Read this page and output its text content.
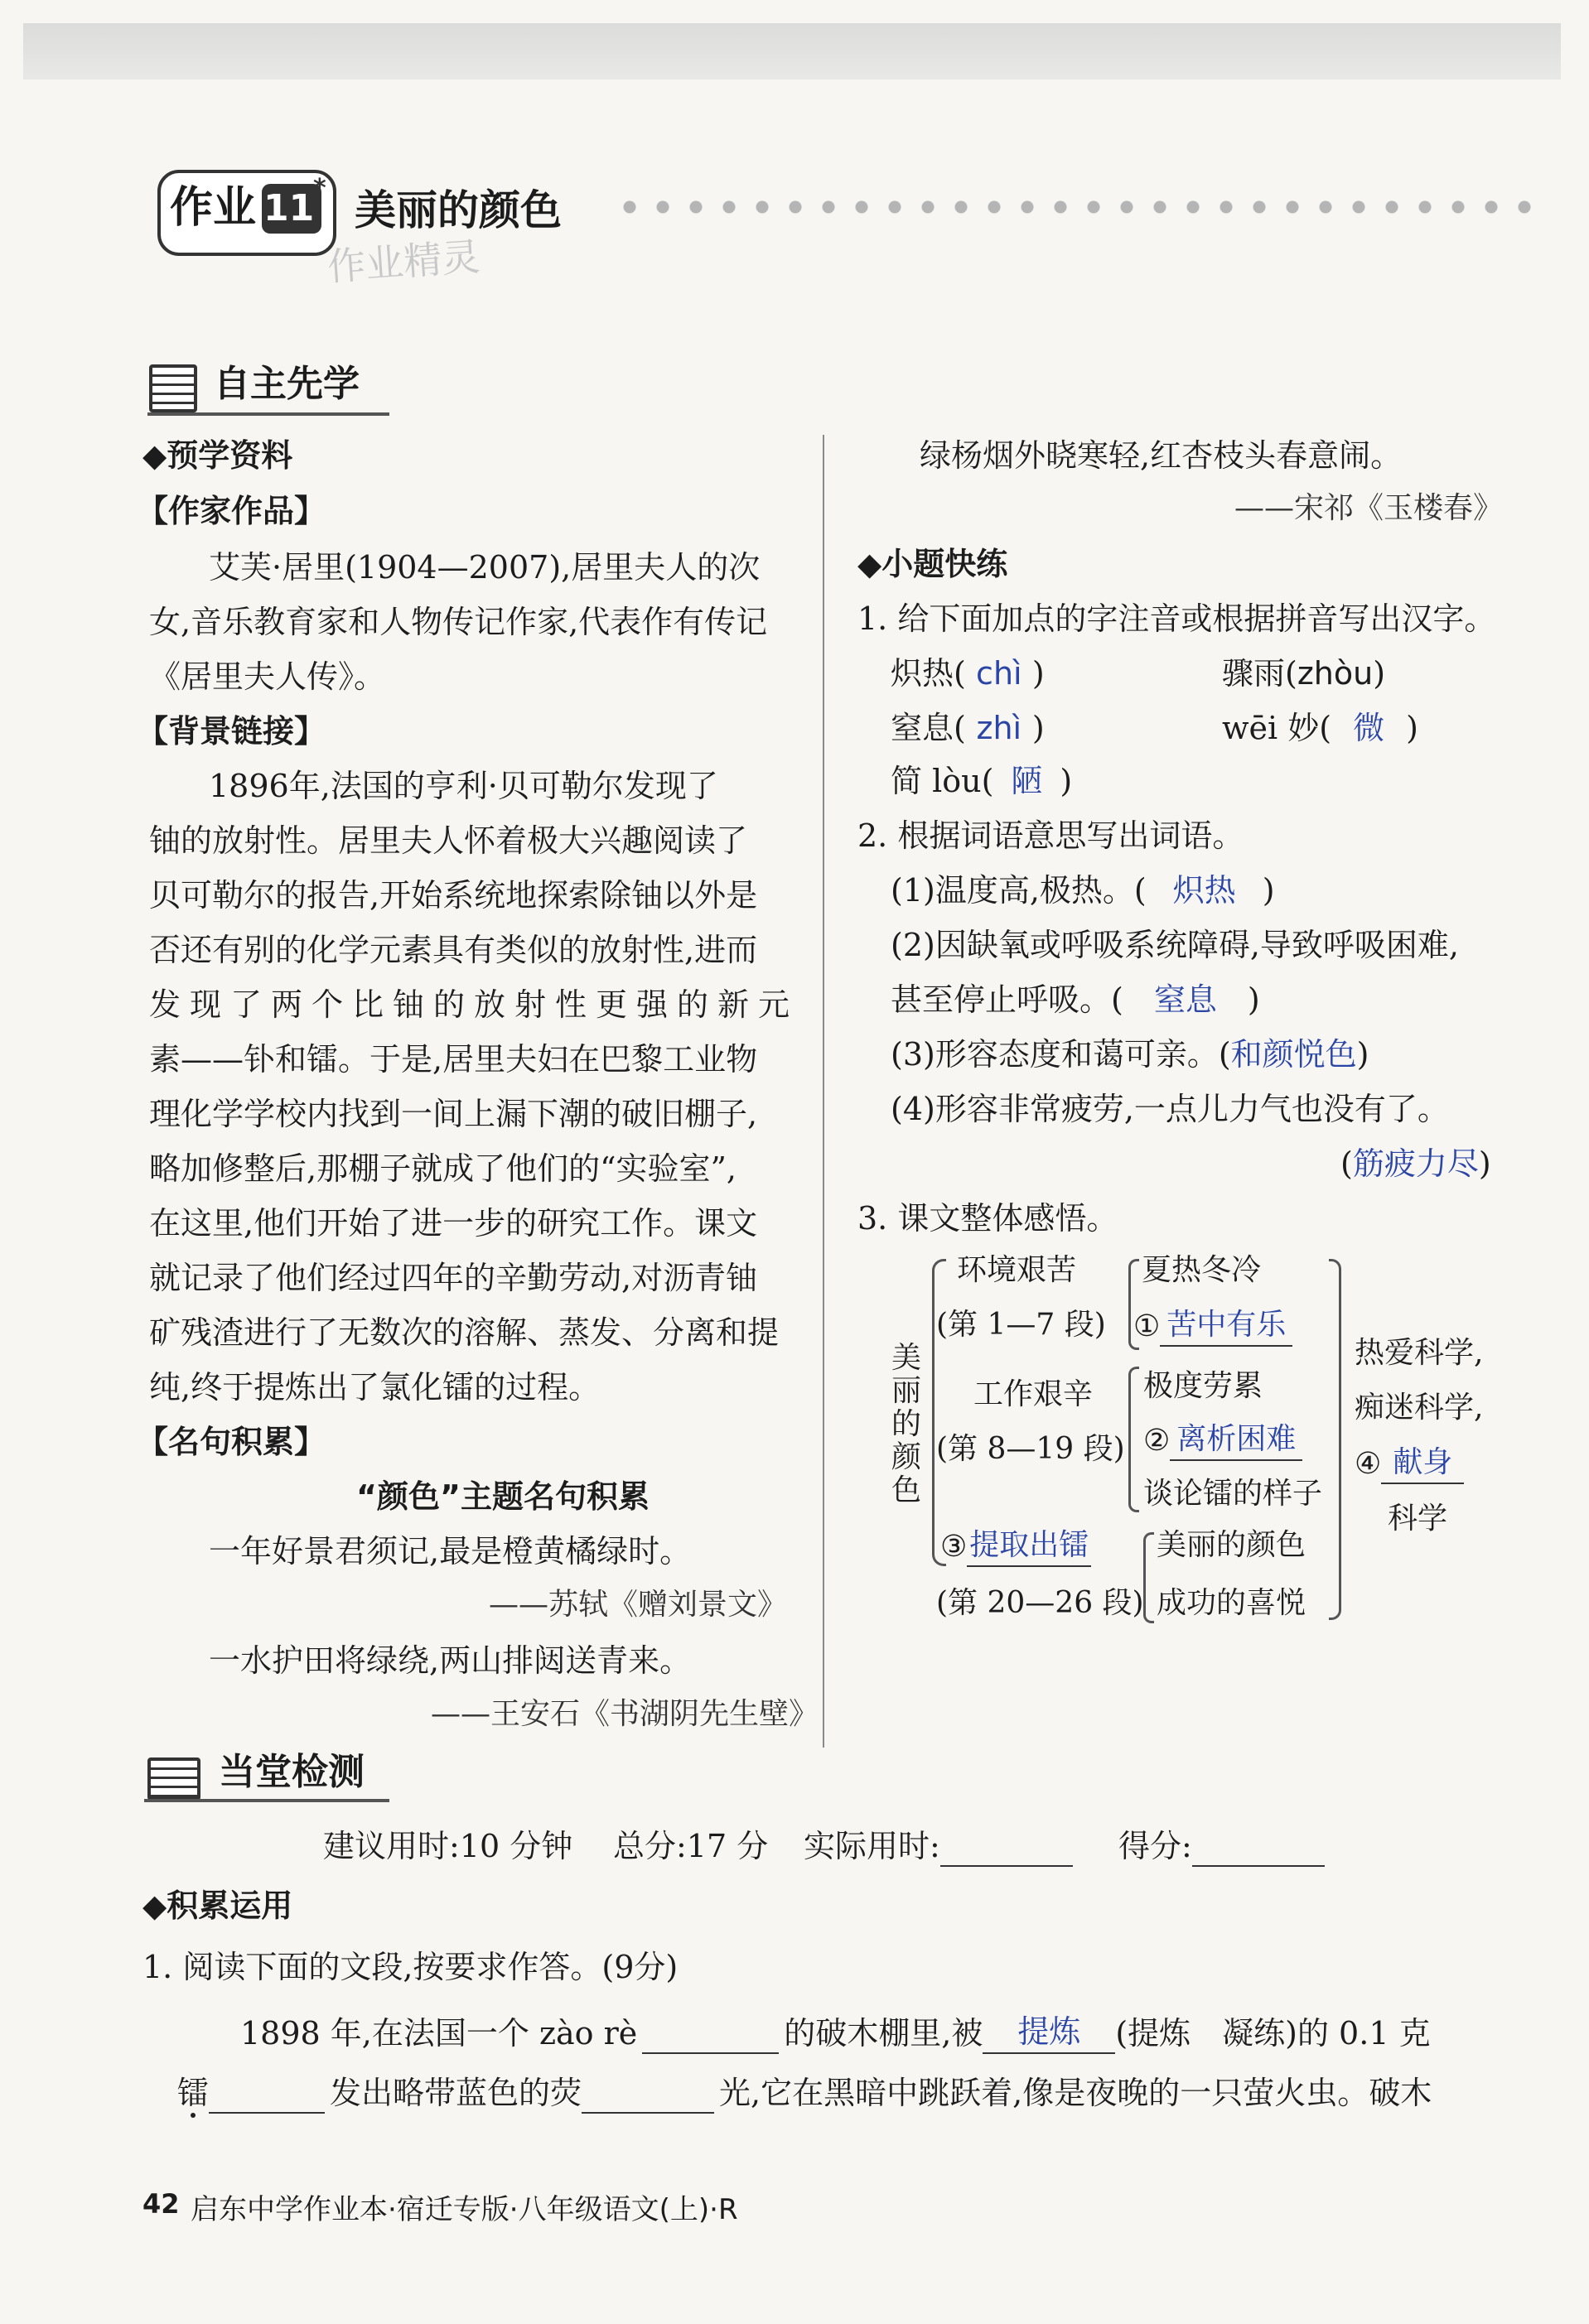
作业 11
* 美丽的颜色
作业精灵
自主先学
◆预学资料
【作家作品】
艾芙·居里(1904—2007),居里夫人的次
女,音乐教育家和人物传记作家,代表作有传记
《居里夫人传》。
【背景链接】
1896年,法国的亨利·贝可勒尔发现了
铀的放射性。居里夫人怀着极大兴趣阅读了
贝可勒尔的报告,开始系统地探索除铀以外是
否还有别的化学元素具有类似的放射性,进而
发现了两个比铀的放射性更强的新元
素——钋和镭。于是,居里夫妇在巴黎工业物
理化学学校内找到一间上漏下潮的破旧棚子,
略加修整后,那棚子就成了他们的“实验室”,
在这里,他们开始了进一步的研究工作。课文
就记录了他们经过四年的辛勤劳动,对沥青铀
矿残渣进行了无数次的溶解、蒸发、分离和提
纯,终于提炼出了氯化镭的过程。
【名句积累】
“颜色”主题名句积累
一年好景君须记,最是橙黄橘绿时。
——苏轼《赠刘景文》
一水护田将绿绕,两山排闼送青来。
——王安石《书湖阴先生壁》
绿杨烟外晓寒轻,红杏枝头春意闹。
——宋祁《玉楼春》
◆小题快练
1. 给下面加点的字注音或根据拼音写出汉字。
炽热( chì )	骤雨(zhòu)
窒息( zhì )	wēi 妙( 微 )
简 lòu( 陋 )
2. 根据词语意思写出词语。
(1)温度高,极热。( 炽热 )
(2)因缺氧或呼吸系统障碍,导致呼吸困难,
甚至停止呼吸。( 窒息 )
(3)形容态度和蔼可亲。(和颜悦色)
(4)形容非常疲劳,一点儿力气也没有了。
(筋疲力尽)
3. 课文整体感悟。
美丽的颜色
环境艰苦
(第 1—7 段)
夏热冬冷
① 苦中有乐
工作艰辛
(第 8—19 段)
极度劳累
② 离析困难
谈论镭的样子
③提取出镭
(第 20—26 段)
美丽的颜色
成功的喜悦
热爱科学,
痴迷科学,
④ 献身
科学
当堂检测
建议用时:10 分钟 总分:17 分 实际用时:	得分:
◆积累运用
1. 阅读下面的文段,按要求作答。(9分)
1898 年,在法国一个 zào rè	的破木棚里,被 提炼 (提炼　凝练)的 0.1 克
镭	发出略带蓝色的荧	光,它在黑暗中跳跃着,像是夜晚的一只萤火虫。破木
42 启东中学作业本·宿迁专版·八年级语文(上)·R
